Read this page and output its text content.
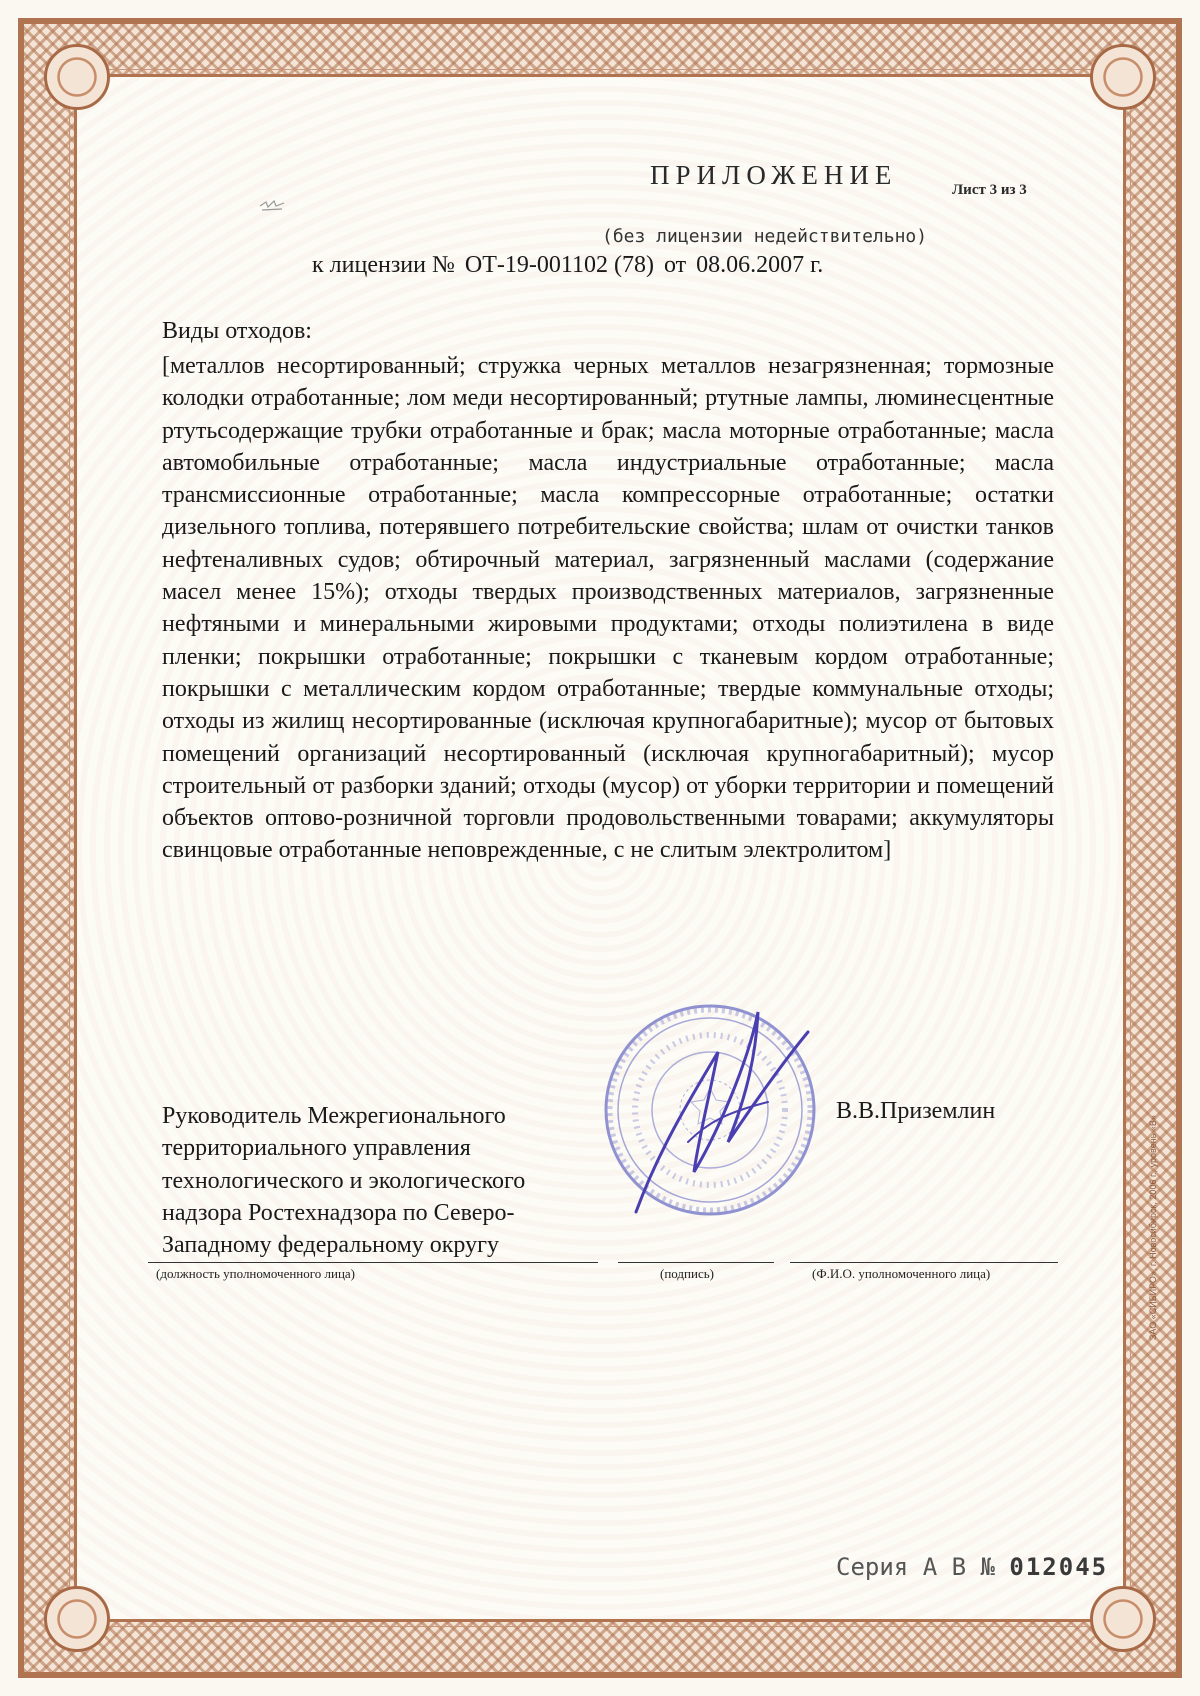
ПРИЛОЖЕНИЕ	Лист 3 из 3
(без лицензии недействительно)
к лицензии № ОТ-19-001102 (78) от 08.06.2007 г.
Виды отходов:
[металлов несортированный; стружка черных металлов незагрязненная; тормозные колодки отработанные; лом меди несортированный; ртутные лампы, люминесцентные ртутьсодержащие трубки отработанные и брак; масла моторные отработанные; масла автомобильные отработанные; масла индустриальные отработанные; масла трансмиссионные отработанные; масла компрессорные отработанные; остатки дизельного топлива, потерявшего потребительские свойства; шлам от очистки танков нефтеналивных судов; обтирочный материал, загрязненный маслами (содержание масел менее 15%); отходы твердых производственных материалов, загрязненные нефтяными и минеральными жировыми продуктами; отходы полиэтилена в виде пленки; покрышки отработанные; покрышки с тканевым кордом отработанные; покрышки с металлическим кордом отработанные; твердые коммунальные отходы; отходы из жилищ несортированные (исключая крупногабаритные); мусор от бытовых помещений организаций несортированный (исключая крупногабаритный); мусор строительный от разборки зданий; отходы (мусор) от уборки территории и помещений объектов оптово-розничной торговли продовольственными товарами; аккумуляторы свинцовые отработанные неповрежденные, с не слитым электролитом]
Руководитель Межрегионального
территориального управления
технологического и экологического
надзора Ростехнадзора по Северо-
Западному федеральному округу
В.В.Приземлин
(должность уполномоченного лица)	(подпись)	(Ф.И.О. уполномоченного лица)
Серия А В № 012045
ЗАО «СИБИРО», г. Новосибирск, 2006 г., уровень «В»
